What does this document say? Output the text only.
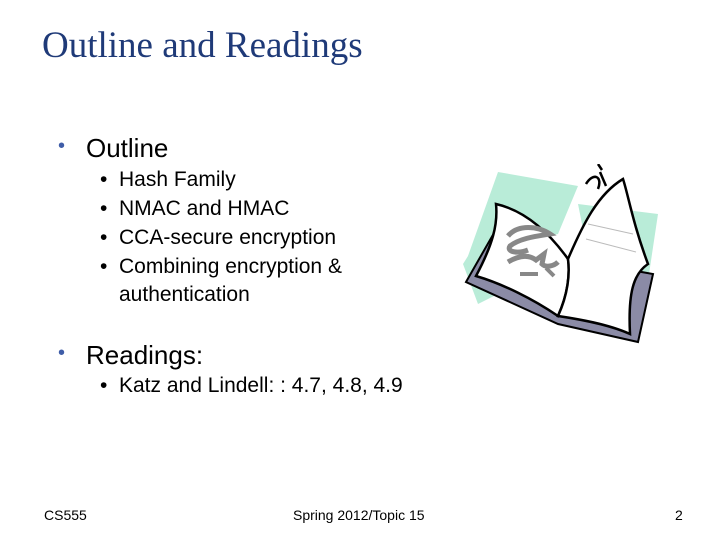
Outline and Readings
• Outline
• Hash Family
• NMAC and HMAC
• CCA-secure encryption
• Combining encryption &
authentication
• Readings:
• Katz and Lindell: : 4.7, 4.8, 4.9
CS555	Spring 2012/Topic 15	2
